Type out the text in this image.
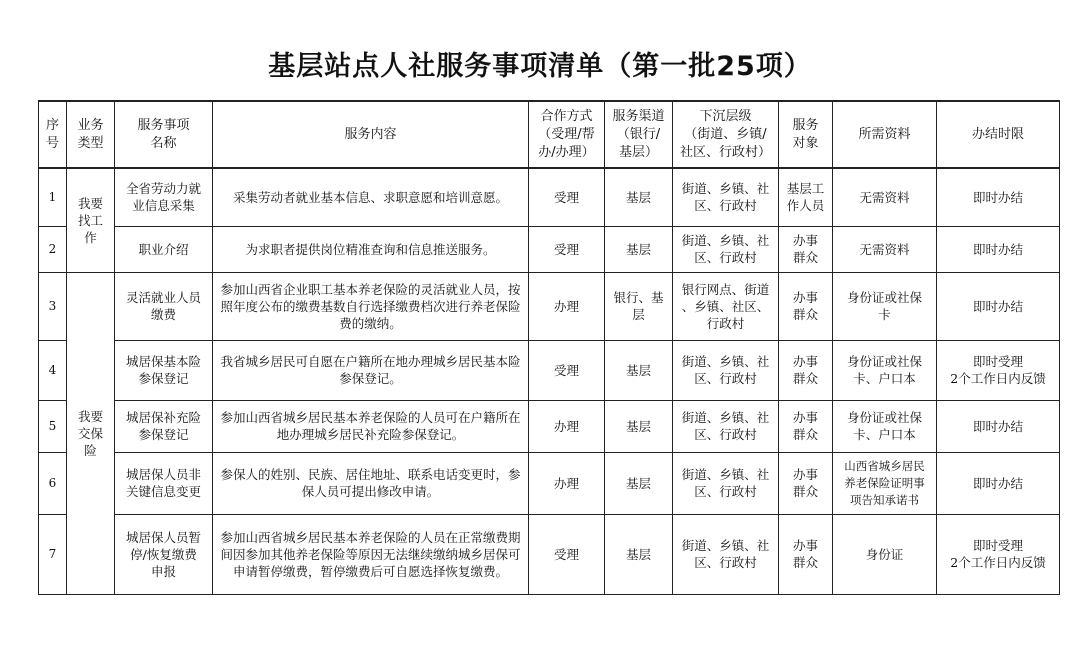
基层站点人社服务事项清单（第一批25项）
序
号	业务
类型	服务事项
名称	服务内容	合作方式
（受理/帮
办/办理）	服务渠道
（银行/
基层）	下沉层级
（街道、乡镇/
社区、行政村）	服务
对象	所需资料	办结时限
1	我要
找工
作	全省劳动力就
业信息采集	采集劳动者就业基本信息、求职意愿和培训意愿。	受理	基层	街道、乡镇、社
区、行政村	基层工
作人员	无需资料	即时办结
2		职业介绍	为求职者提供岗位精准查询和信息推送服务。	受理	基层	街道、乡镇、社
区、行政村	办事
群众	无需资料	即时办结
3	我要
交保
险	灵活就业人员
缴费	参加山西省企业职工基本养老保险的灵活就业人员，按照年度公布的缴费基数自行选择缴费档次进行养老保险费的缴纳。	办理	银行、基
层	银行网点、街道
、乡镇、社区、
行政村	办事
群众	身份证或社保
卡	即时办结
4		城居保基本险
参保登记	我省城乡居民可自愿在户籍所在地办理城乡居民基本险参保登记。	受理	基层	街道、乡镇、社
区、行政村	办事
群众	身份证或社保
卡、户口本	即时受理
2个工作日内反馈
5		城居保补充险
参保登记	参加山西省城乡居民基本养老保险的人员可在户籍所在地办理城乡居民补充险参保登记。	办理	基层	街道、乡镇、社
区、行政村	办事
群众	身份证或社保
卡、户口本	即时办结
6		城居保人员非
关键信息变更	参保人的姓别、民族、居住地址、联系电话变更时，参保人员可提出修改申请。	办理	基层	街道、乡镇、社
区、行政村	办事
群众	山西省城乡居民
养老保险证明事
项告知承诺书	即时办结
7		城居保人员暂
停/恢复缴费
申报	参加山西省城乡居民基本养老保险的人员在正常缴费期间因参加其他养老保险等原因无法继续缴纳城乡居保可申请暂停缴费，暂停缴费后可自愿选择恢复缴费。	受理	基层	街道、乡镇、社
区、行政村	办事
群众	身份证	即时受理
2个工作日内反馈
